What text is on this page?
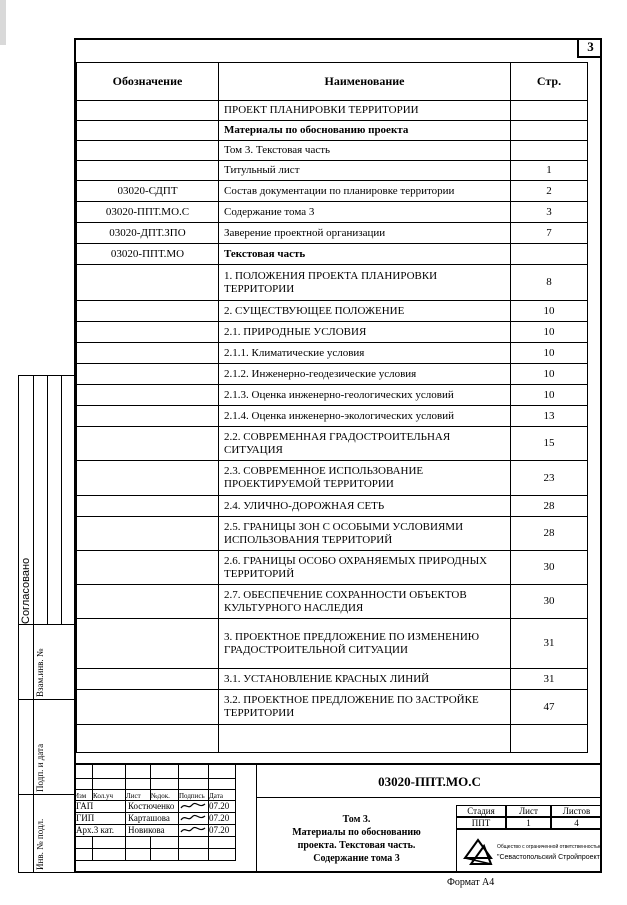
Согласовано
Взам.инв. №
Подп. и дата
Инв. № подл.
3
Обозначение	Наименование	Стр.
	ПРОЕКТ ПЛАНИРОВКИ ТЕРРИТОРИИ	
	Материалы по обоснованию проекта	
	Том 3. Текстовая часть	
	Титульный лист	1
03020-СДПТ	Состав документации по планировке территории	2
03020-ППТ.МО.С	Содержание тома 3	3
03020-ДПТ.ЗПО	Заверение проектной организации	7
03020-ППТ.МО	Текстовая часть	
	1. ПОЛОЖЕНИЯ ПРОЕКТА ПЛАНИРОВКИ ТЕРРИТОРИИ	8
	2. СУЩЕСТВУЮЩЕЕ ПОЛОЖЕНИЕ	10
	2.1. ПРИРОДНЫЕ УСЛОВИЯ	10
	2.1.1. Климатические условия	10
	2.1.2. Инженерно-геодезические условия	10
	2.1.3. Оценка инженерно-геологических условий	10
	2.1.4. Оценка инженерно-экологических условий	13
	2.2. СОВРЕМЕННАЯ ГРАДОСТРОИТЕЛЬНАЯ СИТУАЦИЯ	15
	2.3. СОВРЕМЕННОЕ ИСПОЛЬЗОВАНИЕ ПРОЕКТИРУЕМОЙ ТЕРРИТОРИИ	23
	2.4. УЛИЧНО-ДОРОЖНАЯ СЕТЬ	28
	2.5. ГРАНИЦЫ ЗОН С ОСОБЫМИ УСЛОВИЯМИ ИСПОЛЬЗОВАНИЯ ТЕРРИТОРИЙ	28
	2.6. ГРАНИЦЫ ОСОБО ОХРАНЯЕМЫХ ПРИРОДНЫХ ТЕРРИТОРИЙ	30
	2.7. ОБЕСПЕЧЕНИЕ СОХРАННОСТИ ОБЪЕКТОВ КУЛЬТУРНОГО НАСЛЕДИЯ	30
	3. ПРОЕКТНОЕ ПРЕДЛОЖЕНИЕ ПО ИЗМЕНЕНИЮ ГРАДОСТРОИТЕЛЬНОЙ СИТУАЦИИ	31
	3.1. УСТАНОВЛЕНИЕ КРАСНЫХ ЛИНИЙ	31
	3.2. ПРОЕКТНОЕ ПРЕДЛОЖЕНИЕ ПО ЗАСТРОЙКЕ ТЕРРИТОРИИ	47

Изм Кол.уч	Лист	№док.	Подпись Дата
ГАП	Костюченко	07.20
ГИП	Карташова	07.20
Арх.3 кат.	Новикова	07.20
03020-ППТ.МО.С
Том 3.
Материалы по обоснованию
проекта. Текстовая часть.
Содержание тома 3
Стадия	Лист	Листов
ППТ	1	4
Общество с ограниченной ответственностью
"Севастопольский Стройпроект"
Формат А4
